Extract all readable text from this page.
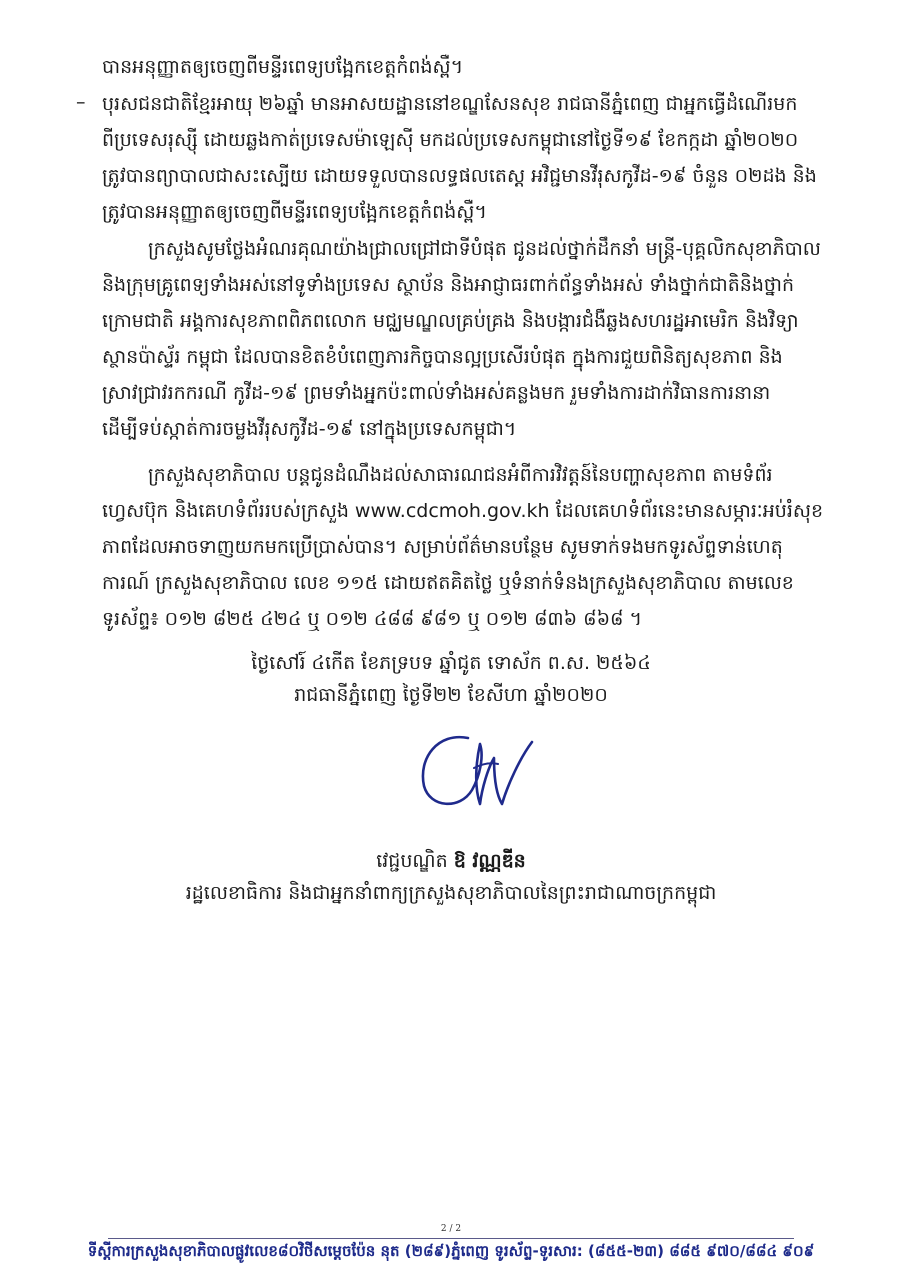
បានអនុញ្ញាតឲ្យចេញពីមន្ទីរពេទ្យបង្អែកខេត្តកំពង់ស្ពឺ។
– បុរសជនជាតិខ្មែរអាយុ ២៦ឆ្នាំ មានអាសយដ្ឋាននៅខណ្ឌសែនសុខ រាជធានីភ្នំពេញ ជាអ្នកធ្វើដំណើរមក
ពីប្រទេសរុស្ស៊ី ដោយឆ្លងកាត់ប្រទេសម៉ាឡេស៊ី មកដល់ប្រទេសកម្ពុជានៅថ្ងៃទី១៩ ខែកក្កដា ឆ្នាំ២០២០
ត្រូវបានព្យាបាលជាសះស្បើយ ដោយទទួលបានលទ្ធផលតេស្ត អវិជ្ជមានវីរុសកូវីដ-១៩ ចំនួន ០២ដង និង
ត្រូវបានអនុញ្ញាតឲ្យចេញពីមន្ទីរពេទ្យបង្អែកខេត្តកំពង់ស្ពឺ។
ក្រសួងសូមថ្លែងអំណរគុណយ៉ាងជ្រាលជ្រៅជាទីបំផុត ជូនដល់ថ្នាក់ដឹកនាំ មន្ត្រី-បុគ្គលិកសុខាភិបាល
និងក្រុមគ្រូពេទ្យទាំងអស់នៅទូទាំងប្រទេស ស្ថាប័ន និងអាជ្ញាធរពាក់ព័ន្ធទាំងអស់ ទាំងថ្នាក់ជាតិនិងថ្នាក់
ក្រោមជាតិ អង្គការសុខភាពពិភពលោក មជ្ឈមណ្ឌលគ្រប់គ្រង និងបង្ការជំងឺឆ្លងសហរដ្ឋអាមេរិក និងវិទ្យា
ស្ថានប៉ាស្ទ័រ កម្ពុជា ដែលបានខិតខំបំពេញភារកិច្ចបានល្អប្រសើរបំផុត ក្នុងការជួយពិនិត្យសុខភាព និង
ស្រាវជ្រាវរកករណី កូវីដ-១៩ ព្រមទាំងអ្នកប៉ះពាល់ទាំងអស់គន្លងមក រួមទាំងការដាក់វិធានការនានា
ដើម្បីទប់ស្កាត់ការចម្លងវីរុសកូវីដ-១៩ នៅក្នុងប្រទេសកម្ពុជា។
ក្រសួងសុខាភិបាល បន្តជូនដំណឹងដល់សាធារណជនអំពីការវិវត្តន៍នៃបញ្ហាសុខភាព តាមទំព័រ
ហ្វេសប៊ុក និងគេហទំព័ររបស់ក្រសួង www.cdcmoh.gov.kh ដែលគេហទំព័រនេះមានសម្ភារៈអប់រំសុខ
ភាពដែលអាចទាញយកមកប្រើប្រាស់បាន។ សម្រាប់ព័ត៌មានបន្ថែម សូមទាក់ទងមកទូរស័ព្ទទាន់ហេតុ
ការណ៍ ក្រសួងសុខាភិបាល លេខ ១១៥ ដោយឥតគិតថ្លៃ ឬទំនាក់ទំនងក្រសួងសុខាភិបាល តាមលេខ
ទូរស័ព្ទ៖ ០១២ ៨២៥ ៤២៤ ឬ ០១២ ៤៨៨ ៩៨១ ឬ ០១២ ៨៣៦ ៨៦៨ ។
ថ្ងៃសៅរ៍ ៤កើត ខែភទ្របទ ឆ្នាំជូត ទោស័ក ព.ស. ២៥៦៤
រាជធានីភ្នំពេញ ថ្ងៃទី២២ ខែសីហា ឆ្នាំ២០២០
វេជ្ជបណ្ឌិត ឱ វណ្ណឌីន
រដ្ឋលេខាធិការ និងជាអ្នកនាំពាក្យក្រសួងសុខាភិបាលនៃព្រះរាជាណាចក្រកម្ពុជា
2 / 2
ទីស្តីការក្រសួងសុខាភិបាលផ្លូវលេខ៨០វិថីសម្តេចប៉ែន នុត (២៨៩)ភ្នំពេញ ទូរស័ព្ទ-ទូរសារ: (៨៥៥-២៣) ៨៨៥ ៩៧០/៨៨៤ ៩០៩
